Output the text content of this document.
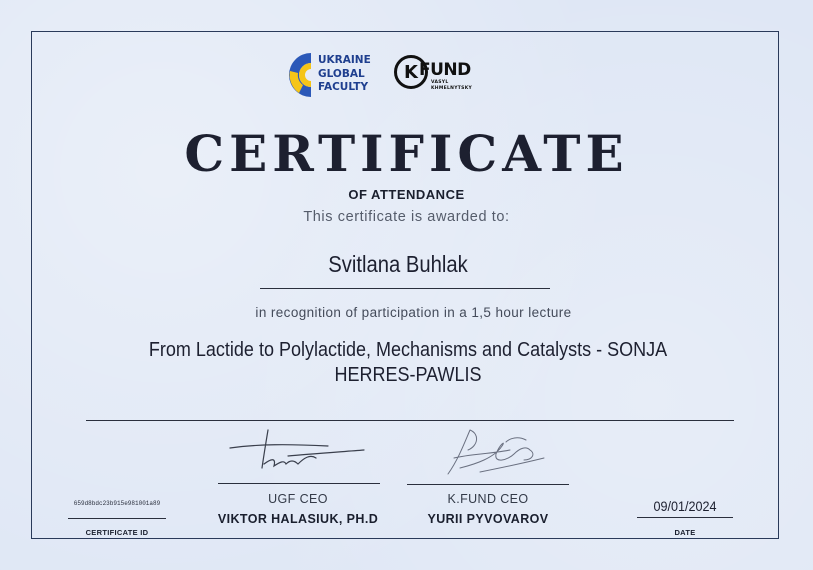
UKRAINE
GLOBAL
FACULTY
K FUND
VASYL
KHMELNYTSKY
CERTIFICATE
OF ATTENDANCE
This certificate is awarded to:
Svitlana Buhlak
in recognition of participation in a 1,5 hour lecture
From Lactide to Polylactide, Mechanisms and Catalysts - SONJA HERRES-PAWLIS
659d8bdc23b915e981001a89
CERTIFICATE ID
UGF CEO
VIKTOR HALASIUK, PH.D
K.FUND CEO
YURII PYVOVAROV
09/01/2024
DATE
